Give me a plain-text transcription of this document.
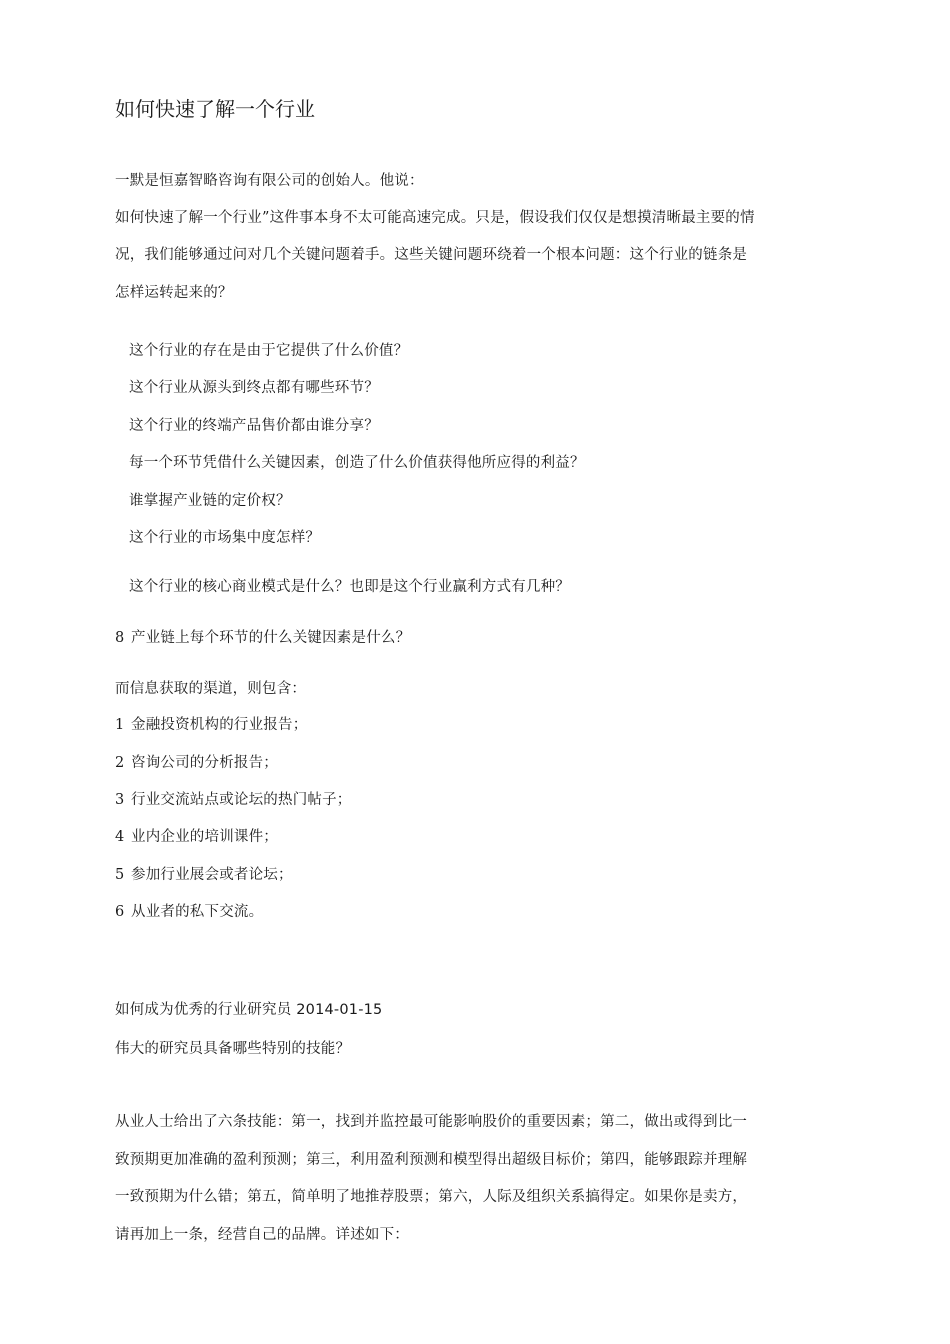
如何快速了解一个行业
一默是恒嘉智略咨询有限公司的创始人。他说：
如何快速了解一个行业”这件事本身不太可能高速完成。只是，假设我们仅仅是想摸清晰最主要的情
况，我们能够通过问对几个关键问题着手。这些关键问题环绕着一个根本问题：这个行业的链条是
怎样运转起来的？
这个行业的存在是由于它提供了什么价值？
这个行业从源头到终点都有哪些环节？
这个行业的终端产品售价都由谁分享？
每一个环节凭借什么关键因素，创造了什么价值获得他所应得的利益？
谁掌握产业链的定价权？
这个行业的市场集中度怎样？
这个行业的核心商业模式是什么？也即是这个行业赢利方式有几种？
8 产业链上每个环节的什么关键因素是什么？
而信息获取的渠道，则包含：
1 金融投资机构的行业报告；
2 咨询公司的分析报告；
3 行业交流站点或论坛的热门帖子；
4 业内企业的培训课件；
5 参加行业展会或者论坛；
6 从业者的私下交流。
如何成为优秀的行业研究员 2014-01-15
伟大的研究员具备哪些特别的技能？
从业人士给出了六条技能：第一，找到并监控最可能影响股价的重要因素；第二，做出或得到比一
致预期更加准确的盈利预测；第三，利用盈利预测和模型得出超级目标价；第四，能够跟踪并理解
一致预期为什么错；第五，简单明了地推荐股票；第六，人际及组织关系搞得定。如果你是卖方，
请再加上一条，经营自己的品牌。详述如下：
